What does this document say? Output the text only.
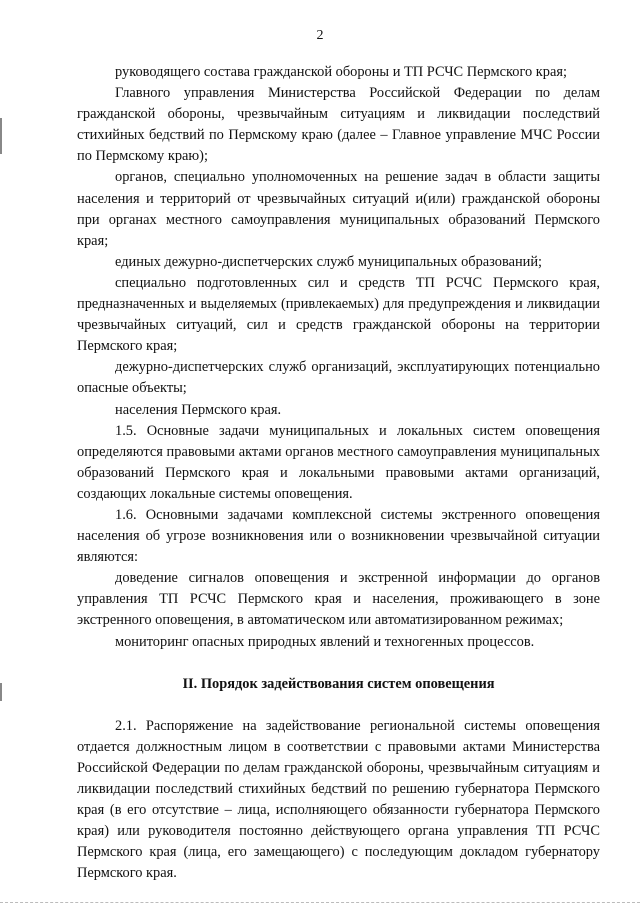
2

руководящего состава гражданской обороны и ТП РСЧС Пермского края;

Главного управления Министерства Российской Федерации по делам гражданской обороны, чрезвычайным ситуациям и ликвидации последствий стихийных бедствий по Пермскому краю (далее – Главное управление МЧС России по Пермскому краю);

органов, специально уполномоченных на решение задач в области защиты населения и территорий от чрезвычайных ситуаций и(или) гражданской обороны при органах местного самоуправления муниципальных образований Пермского края;

единых дежурно-диспетчерских служб муниципальных образований;

специально подготовленных сил и средств ТП РСЧС Пермского края, предназначенных и выделяемых (привлекаемых) для предупреждения и ликвидации чрезвычайных ситуаций, сил и средств гражданской обороны на территории Пермского края;

дежурно-диспетчерских служб организаций, эксплуатирующих потенциально опасные объекты;

населения Пермского края.

1.5. Основные задачи муниципальных и локальных систем оповещения определяются правовыми актами органов местного самоуправления муниципальных образований Пермского края и локальными правовыми актами организаций, создающих локальные системы оповещения.

1.6. Основными задачами комплексной системы экстренного оповещения населения об угрозе возникновения или о возникновении чрезвычайной ситуации являются:

доведение сигналов оповещения и экстренной информации до органов управления ТП РСЧС Пермского края и населения, проживающего в зоне экстренного оповещения, в автоматическом или автоматизированном режимах;

мониторинг опасных природных явлений и техногенных процессов.

II. Порядок задействования систем оповещения

2.1. Распоряжение на задействование региональной системы оповещения отдается должностным лицом в соответствии с правовыми актами Министерства Российской Федерации по делам гражданской обороны, чрезвычайным ситуациям и ликвидации последствий стихийных бедствий по решению губернатора Пермского края (в его отсутствие – лица, исполняющего обязанности губернатора Пермского края) или руководителя постоянно действующего органа управления ТП РСЧС Пермского края (лица, его замещающего) с последующим докладом губернатору Пермского края.
